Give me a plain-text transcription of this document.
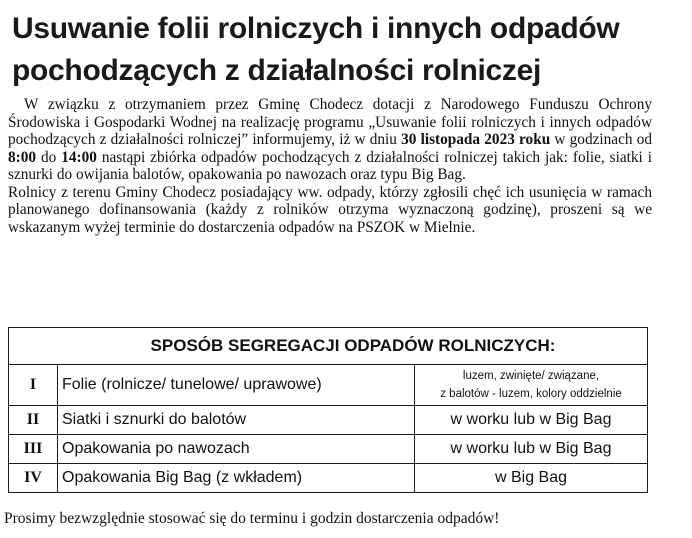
Usuwanie folii rolniczych i innych odpadów
pochodzących z działalności rolniczej

W związku z otrzymaniem przez Gminę Chodecz dotacji z Narodowego Funduszu Ochrony Środowiska i Gospodarki Wodnej na realizację programu „Usuwanie folii rolniczych i innych odpadów pochodzących z działalności rolniczej” informujemy, iż w dniu 30 listopada 2023 roku w godzinach od 8:00 do 14:00 nastąpi zbiórka odpadów pochodzących z działalności rolniczej takich jak: folie, siatki i sznurki do owijania balotów, opakowania po nawozach oraz typu Big Bag.

Rolnicy z terenu Gminy Chodecz posiadający ww. odpady, którzy zgłosili chęć ich usunięcia w ramach planowanego dofinansowania (każdy z rolników otrzyma wyznaczoną godzinę), proszeni są we wskazanym wyżej terminie do dostarczenia odpadów na PSZOK w Mielnie.

SPOSÓB SEGREGACJI ODPADÓW ROLNICZYCH:		
I	Folie (rolnicze/ tunelowe/ uprawowe)	luzem, zwinięte/ związane,
z balotów - luzem, kolory oddzielnie
II	Siatki i sznurki do balotów	w worku lub w Big Bag
III	Opakowania po nawozach	w worku lub w Big Bag
IV	Opakowania Big Bag (z wkładem)	w Big Bag

Prosimy bezwzględnie stosować się do terminu i godzin dostarczenia odpadów!
